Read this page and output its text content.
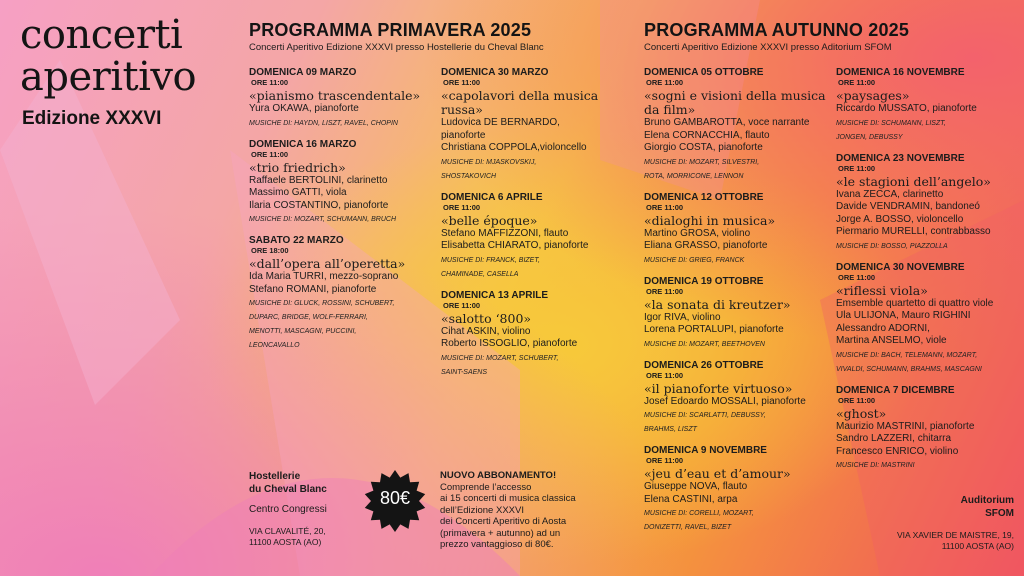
concerti
aperitivo
Edizione XXXVI
PROGRAMMA PRIMAVERA 2025
Concerti Aperitivo Edizione XXXVI presso Hostellerie du Cheval Blanc
PROGRAMMA AUTUNNO 2025
Concerti Aperitivo Edizione XXXVI presso Aditorium SFOM
DOMENICA 09 MARZO
ORE 11:00
«pianismo trascendentale»
Yura OKAWA, pianoforte
MUSICHE DI: HAYDN, LISZT, RAVEL, CHOPIN
DOMENICA 16 MARZO
ORE 11:00
«trio friedrich»
Raffaele BERTOLINI, clarinetto
Massimo GATTI, viola
Ilaria COSTANTINO, pianoforte
MUSICHE DI: MOZART, SCHUMANN, BRUCH
SABATO 22 MARZO
ORE 18:00
«dall’opera all’operetta»
Ida Maria TURRI, mezzo-soprano
Stefano ROMANI, pianoforte
MUSICHE DI: GLUCK, ROSSINI, SCHUBERT,
DUPARC, BRIDGE, WOLF-FERRARI,
MENOTTI, MASCAGNI, PUCCINI,
LEONCAVALLO
DOMENICA 30 MARZO
ORE 11:00
«capolavori della musica russa»
Ludovica DE BERNARDO,
pianoforte
Christiana COPPOLA,violoncello
MUSICHE DI: MJASKOVSKIJ,
SHOSTAKOVICH
DOMENICA 6 APRILE
ORE 11:00
«belle époque»
Stefano MAFFIZZONI, flauto
Elisabetta CHIARATO, pianoforte
MUSICHE DI: FRANCK, BIZET,
CHAMINADE, CASELLA
DOMENICA 13 APRILE
ORE 11:00
«salotto ‘800»
Cihat ASKIN, violino
Roberto ISSOGLIO, pianoforte
MUSICHE DI: MOZART, SCHUBERT,
SAINT-SAENS
DOMENICA 05 OTTOBRE
ORE 11:00
«sogni e visioni della musica da film»
Bruno GAMBAROTTA, voce narrante
Elena CORNACCHIA, flauto
Giorgio COSTA, pianoforte
MUSICHE DI: MOZART, SILVESTRI,
ROTA, MORRICONE, LENNON
DOMENICA 12 OTTOBRE
ORE 11:00
«dialoghi in musica»
Martino GROSA, violino
Eliana GRASSO, pianoforte
MUSICHE DI: GRIEG, FRANCK
DOMENICA 19 OTTOBRE
ORE 11:00
«la sonata di kreutzer»
Igor RIVA, violino
Lorena PORTALUPI, pianoforte
MUSICHE DI: MOZART, BEETHOVEN
DOMENICA 26 OTTOBRE
ORE 11:00
«il pianoforte virtuoso»
Josef Edoardo MOSSALI, pianoforte
MUSICHE DI: SCARLATTI, DEBUSSY,
BRAHMS, LISZT
DOMENICA 9 NOVEMBRE
ORE 11:00
«jeu d’eau et d’amour»
Giuseppe NOVA, flauto
Elena CASTINI, arpa
MUSICHE DI: CORELLI, MOZART,
DONIZETTI, RAVEL, BIZET
DOMENICA 16 NOVEMBRE
ORE 11:00
«paysages»
Riccardo MUSSATO, pianoforte
MUSICHE DI: SCHUMANN, LISZT,
JONGEN, DEBUSSY
DOMENICA 23 NOVEMBRE
ORE 11:00
«le stagioni dell’angelo»
Ivana ZECCA, clarinetto
Davide VENDRAMIN, bandoneó
Jorge A. BOSSO, violoncello
Piermario MURELLI, contrabbasso
MUSICHE DI: BOSSO, PIAZZOLLA
DOMENICA 30 NOVEMBRE
ORE 11:00
«riflessi viola»
Emsemble quartetto di quattro viole
Ula ULIJONA, Mauro RIGHINI
Alessandro ADORNI,
Martina ANSELMO, viole
MUSICHE DI: BACH, TELEMANN, MOZART,
VIVALDI, SCHUMANN, BRAHMS, MASCAGNI
DOMENICA 7 DICEMBRE
ORE 11:00
«ghost»
Maurizio MASTRINI, pianoforte
Sandro LAZZERI, chitarra
Francesco ENRICO, violino
MUSICHE DI: MASTRINI
Hostellerie
du Cheval Blanc
Centro Congressi
VIA CLAVALITÉ, 20,
11100 AOSTA (AO)
80€
NUOVO ABBONAMENTO!
Comprende l’accesso
ai 15 concerti di musica classica
dell’Edizione XXXVI
dei Concerti Aperitivo di Aosta
(primavera + autunno) ad un
prezzo vantaggioso di 80€.
Auditorium
SFOM
VIA XAVIER DE MAISTRE, 19,
11100 AOSTA (AO)
